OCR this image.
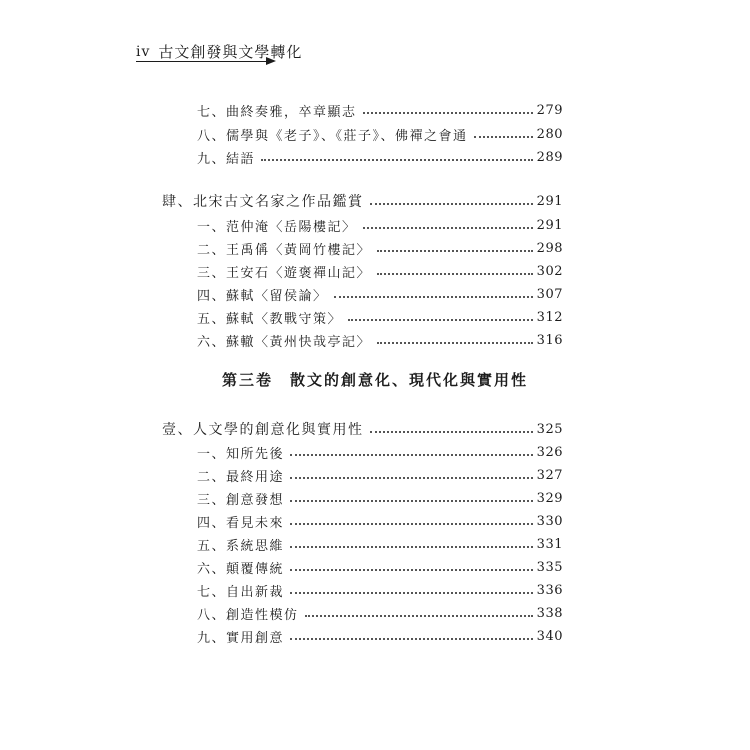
iv 古文創發與文學轉化
七、曲終奏雅，卒章顯志	279
八、儒學與《老子》、《莊子》、佛禪之會通	280
九、結語	289
肆、北宋古文名家之作品鑑賞	291
一、范仲淹〈岳陽樓記〉	291
二、王禹偁〈黃岡竹樓記〉	298
三、王安石〈遊褒禪山記〉	302
四、蘇軾〈留侯論〉	307
五、蘇軾〈教戰守策〉	312
六、蘇轍〈黃州快哉亭記〉	316
第三卷　散文的創意化、現代化與實用性
壹、人文學的創意化與實用性	325
一、知所先後	326
二、最終用途	327
三、創意發想	329
四、看見未來	330
五、系統思維	331
六、顛覆傳統	335
七、自出新裁	336
八、創造性模仿	338
九、實用創意	340
